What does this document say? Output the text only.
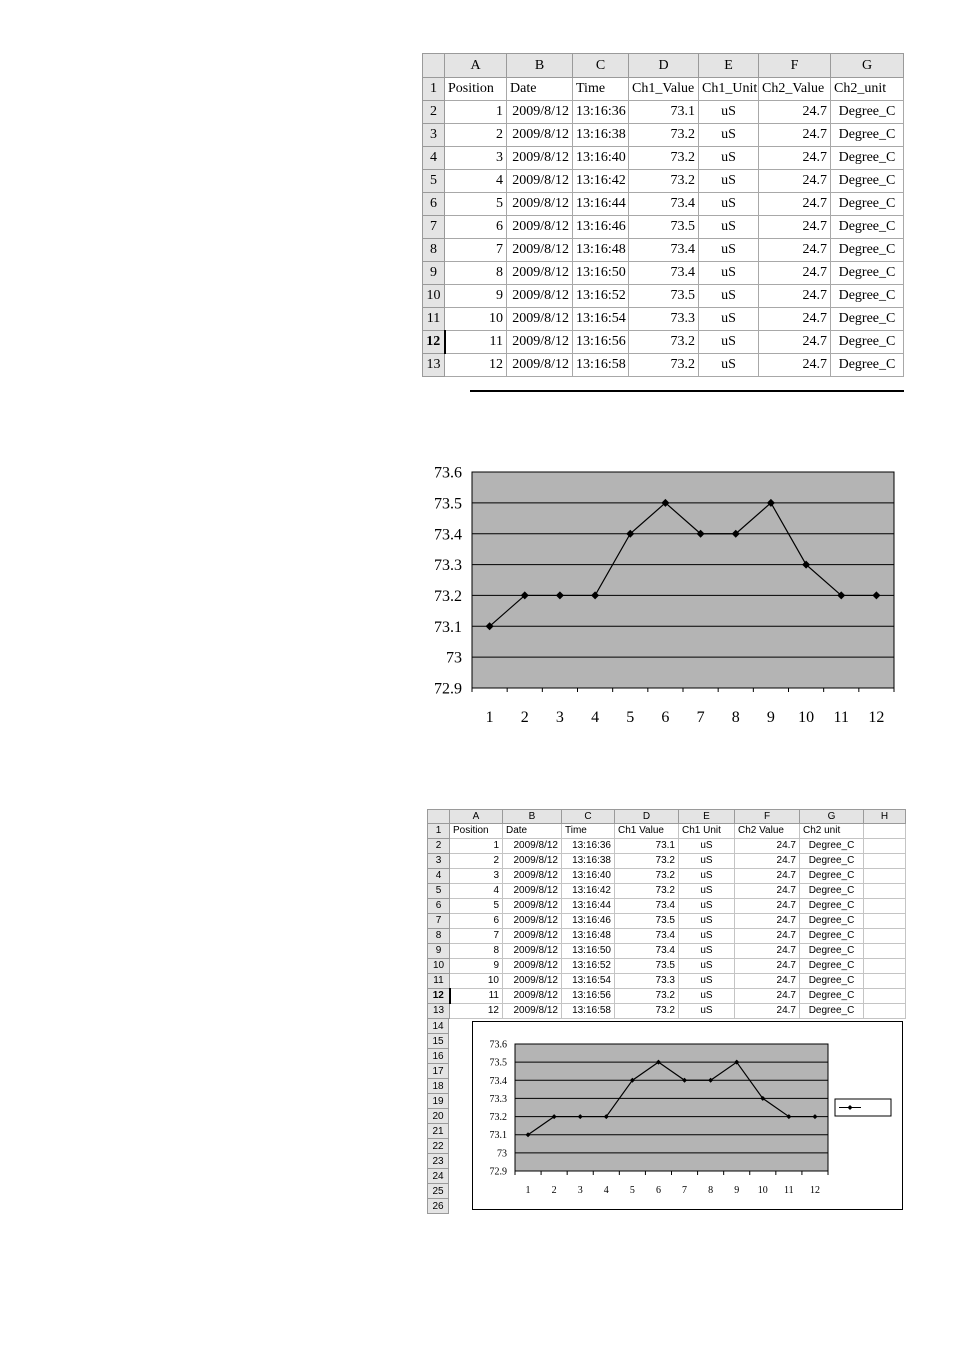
	A	B	C	D	E	F	G
1	Position	Date	Time	Ch1_Value	Ch1_Unit	Ch2_Value	Ch2_unit
2	1	2009/8/12	13:16:36	73.1	uS	24.7	Degree_C
3	2	2009/8/12	13:16:38	73.2	uS	24.7	Degree_C
4	3	2009/8/12	13:16:40	73.2	uS	24.7	Degree_C
5	4	2009/8/12	13:16:42	73.2	uS	24.7	Degree_C
6	5	2009/8/12	13:16:44	73.4	uS	24.7	Degree_C
7	6	2009/8/12	13:16:46	73.5	uS	24.7	Degree_C
8	7	2009/8/12	13:16:48	73.4	uS	24.7	Degree_C
9	8	2009/8/12	13:16:50	73.4	uS	24.7	Degree_C
10	9	2009/8/12	13:16:52	73.5	uS	24.7	Degree_C
11	10	2009/8/12	13:16:54	73.3	uS	24.7	Degree_C
12	11	2009/8/12	13:16:56	73.2	uS	24.7	Degree_C
13	12	2009/8/12	13:16:58	73.2	uS	24.7	Degree_C
73.6
73.5
73.4
73.3
73.2
73.1
73
72.9
1 2 3 4 5 6 7 8 9 10 11 12
	A	B	C	D	E	F	G	H
1	Position	Date	Time	Ch1 Value	Ch1 Unit	Ch2 Value	Ch2 unit	
2	1	2009/8/12	13:16:36	73.1	uS	24.7	Degree_C	
3	2	2009/8/12	13:16:38	73.2	uS	24.7	Degree_C	
4	3	2009/8/12	13:16:40	73.2	uS	24.7	Degree_C	
5	4	2009/8/12	13:16:42	73.2	uS	24.7	Degree_C	
6	5	2009/8/12	13:16:44	73.4	uS	24.7	Degree_C	
7	6	2009/8/12	13:16:46	73.5	uS	24.7	Degree_C	
8	7	2009/8/12	13:16:48	73.4	uS	24.7	Degree_C	
9	8	2009/8/12	13:16:50	73.4	uS	24.7	Degree_C	
10	9	2009/8/12	13:16:52	73.5	uS	24.7	Degree_C	
11	10	2009/8/12	13:16:54	73.3	uS	24.7	Degree_C	
12	11	2009/8/12	13:16:56	73.2	uS	24.7	Degree_C	
13	12	2009/8/12	13:16:58	73.2	uS	24.7	Degree_C	
14
15
16
17
18
19
20
21
22
23
24
25
26
73.6
73.5
73.4
73.3
73.2
73.1
73
72.9
1 2 3 4 5 6 7 8 9 10 11 12
